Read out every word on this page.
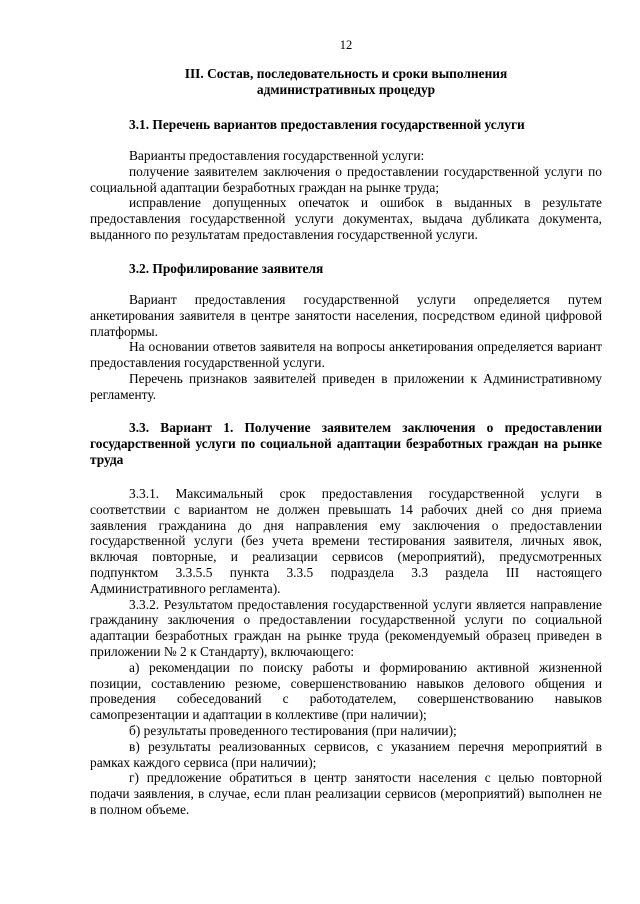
12
III. Состав, последовательность и сроки выполнения
административных процедур

3.1. Перечень вариантов предоставления государственной услуги

Варианты предоставления государственной услуги:

получение заявителем заключения о предоставлении государственной услуги по социальной адаптации безработных граждан на рынке труда;

исправление допущенных опечаток и ошибок в выданных в результате предоставления государственной услуги документах, выдача дубликата документа, выданного по результатам предоставления государственной услуги.

3.2. Профилирование заявителя

Вариант предоставления государственной услуги определяется путем анкетирования заявителя в центре занятости населения, посредством единой цифровой платформы.

На основании ответов заявителя на вопросы анкетирования определяется вариант предоставления государственной услуги.

Перечень признаков заявителей приведен в приложении к Административному регламенту.

3.3. Вариант 1. Получение заявителем заключения о предоставлении государственной услуги по социальной адаптации безработных граждан на рынке труда

3.3.1. Максимальный срок предоставления государственной услуги в соответствии с вариантом не должен превышать 14 рабочих дней со дня приема заявления гражданина до дня направления ему заключения о предоставлении государственной услуги (без учета времени тестирования заявителя, личных явок, включая повторные, и реализации сервисов (мероприятий), предусмотренных подпунктом 3.3.5.5 пункта 3.3.5 подраздела 3.3 раздела III настоящего Административного регламента).

3.3.2. Результатом предоставления государственной услуги является направление гражданину заключения о предоставлении государственной услуги по социальной адаптации безработных граждан на рынке труда (рекомендуемый образец приведен в приложении № 2 к Стандарту), включающего:

а) рекомендации по поиску работы и формированию активной жизненной позиции, составлению резюме, совершенствованию навыков делового общения и проведения собеседований с работодателем, совершенствованию навыков самопрезентации и адаптации в коллективе (при наличии);

б) результаты проведенного тестирования (при наличии);

в) результаты реализованных сервисов, с указанием перечня мероприятий в рамках каждого сервиса (при наличии);

г) предложение обратиться в центр занятости населения с целью повторной подачи заявления, в случае, если план реализации сервисов (мероприятий) выполнен не в полном объеме.
